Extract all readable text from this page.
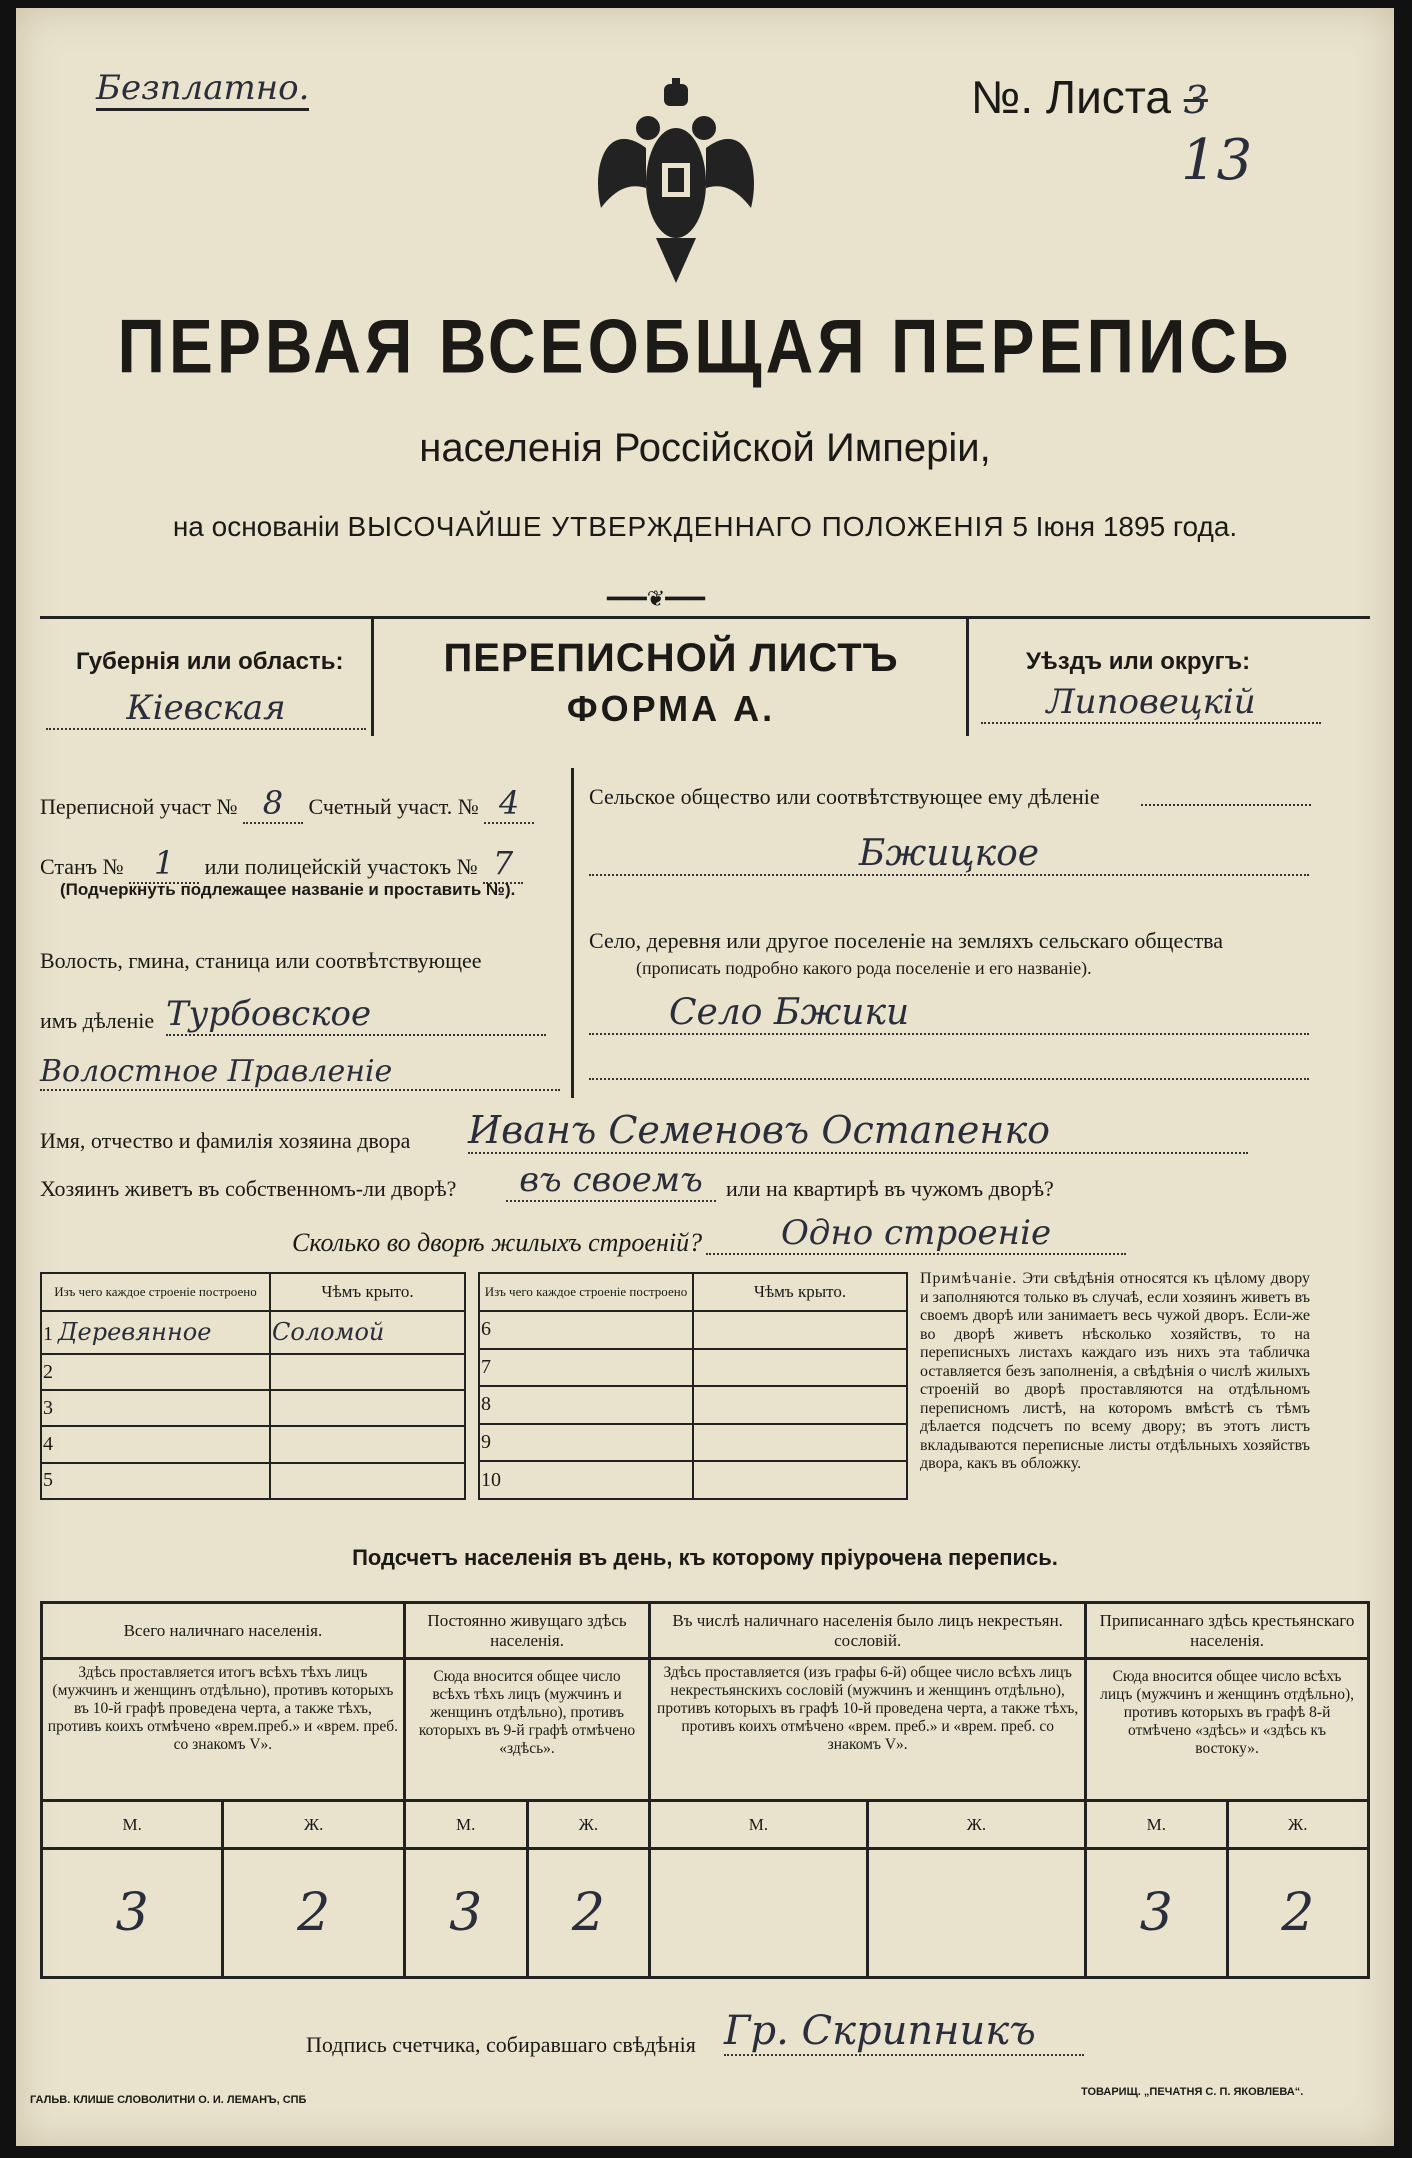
Безплатно.	№. Листа 3
13
ПЕРВАЯ ВСЕОБЩАЯ ПЕРЕПИСЬ
населенія Россійской Имперіи,
на основаніи ВЫСОЧАЙШЕ УТВЕРЖДЕННАГО ПОЛОЖЕНІЯ 5 Іюня 1895 года.
━━━❦━━━
Губернія или область:
Кіевская
ПЕРЕПИСНОЙ ЛИСТЪ
ФОРМА А.
Уѣздъ или округъ:
Липовецкій
Переписной участ № 8 Счетный участ. № 4
Станъ № 1 или полицейскій участокъ № 7
(Подчеркнуть подлежащее названіе и проставить №).
Волость, гмина, станица или соотвѣтствующее
имъ дѣленіе Турбовское
Волостное Правленіе
Сельское общество или соотвѣтствующее ему дѣленіе
Бжицкое
Село, деревня или другое поселеніе на земляхъ сельскаго общества
(прописать подробно какого рода поселеніе и его названіе).
Село Бжики
Имя, отчество и фамилія хозяина двора Иванъ Семеновъ Остапенко
Хозяинъ живетъ въ собственномъ-ли дворѣ?	въ своемъ	или на квартирѣ въ чужомъ дворѣ?
Сколько во дворѣ жилыхъ строеній?	Одно строеніе
Изъ чего каждое строеніе построено	Чѣмъ крыто.
1 Деревянное	Соломой
2	
3	
4	
5	
Изъ чего каждое строеніе построено	Чѣмъ крыто.
6	
7	
8	
9	
10	
Примѣчаніе. Эти свѣдѣнія относятся къ цѣлому двору и заполняются только въ случаѣ, если хозяинъ живетъ въ своемъ дворѣ или занимаетъ весь чужой дворъ. Если-же во дворѣ живетъ нѣсколько хозяйствъ, то на переписныхъ листахъ каждаго изъ нихъ эта табличка оставляется безъ заполненія, а свѣдѣнія о числѣ жилыхъ строеній во дворѣ проставляются на отдѣльномъ переписномъ листѣ, на которомъ вмѣстѣ съ тѣмъ дѣлается подсчетъ по всему двору; въ этотъ листъ вкладываются переписные листы отдѣльныхъ хозяйствъ двора, какъ въ обложку.
Подсчетъ населенія въ день, къ которому пріурочена перепись.
Всего наличнаго населенія.		Постоянно живущаго здѣсь населенія.		Въ числѣ наличнаго населенія было лицъ некрестьян. сословій.		Приписаннаго здѣсь крестьянскаго населенія.	
Здѣсь проставляется итогъ всѣхъ тѣхъ лицъ (мужчинъ и женщинъ отдѣльно), противъ которыхъ въ 10-й графѣ проведена черта, а также тѣхъ, противъ коихъ отмѣчено «врем.преб.» и «врем. преб. со знакомъ V».		Сюда вносится общее число всѣхъ тѣхъ лицъ (мужчинъ и женщинъ отдѣльно), противъ которыхъ въ 9-й графѣ отмѣчено «здѣсь».		Здѣсь проставляется (изъ графы 6-й) общее число всѣхъ лицъ некрестьянскихъ сословій (мужчинъ и женщинъ отдѣльно), противъ которыхъ въ графѣ 10-й проведена черта, а также тѣхъ, противъ коихъ отмѣчено «врем. преб.» и «врем. преб. со знакомъ V».		Сюда вносится общее число всѣхъ лицъ (мужчинъ и женщинъ отдѣльно), противъ которыхъ въ графѣ 8-й отмѣчено «здѣсь» и «здѣсь къ востоку».	
М.	Ж.	М.	Ж.	М.	Ж.	М.	Ж.
3	2	3	2			3	2
Подпись счетчика, собиравшаго свѣдѣнія Гр. Скрипникъ
ГАЛЬВ. КЛИШЕ СЛОВОЛИТНИ О. И. ЛЕМАНЪ, СПБ
ТОВАРИЩ. „ПЕЧАТНЯ С. П. ЯКОВЛЕВА“.
